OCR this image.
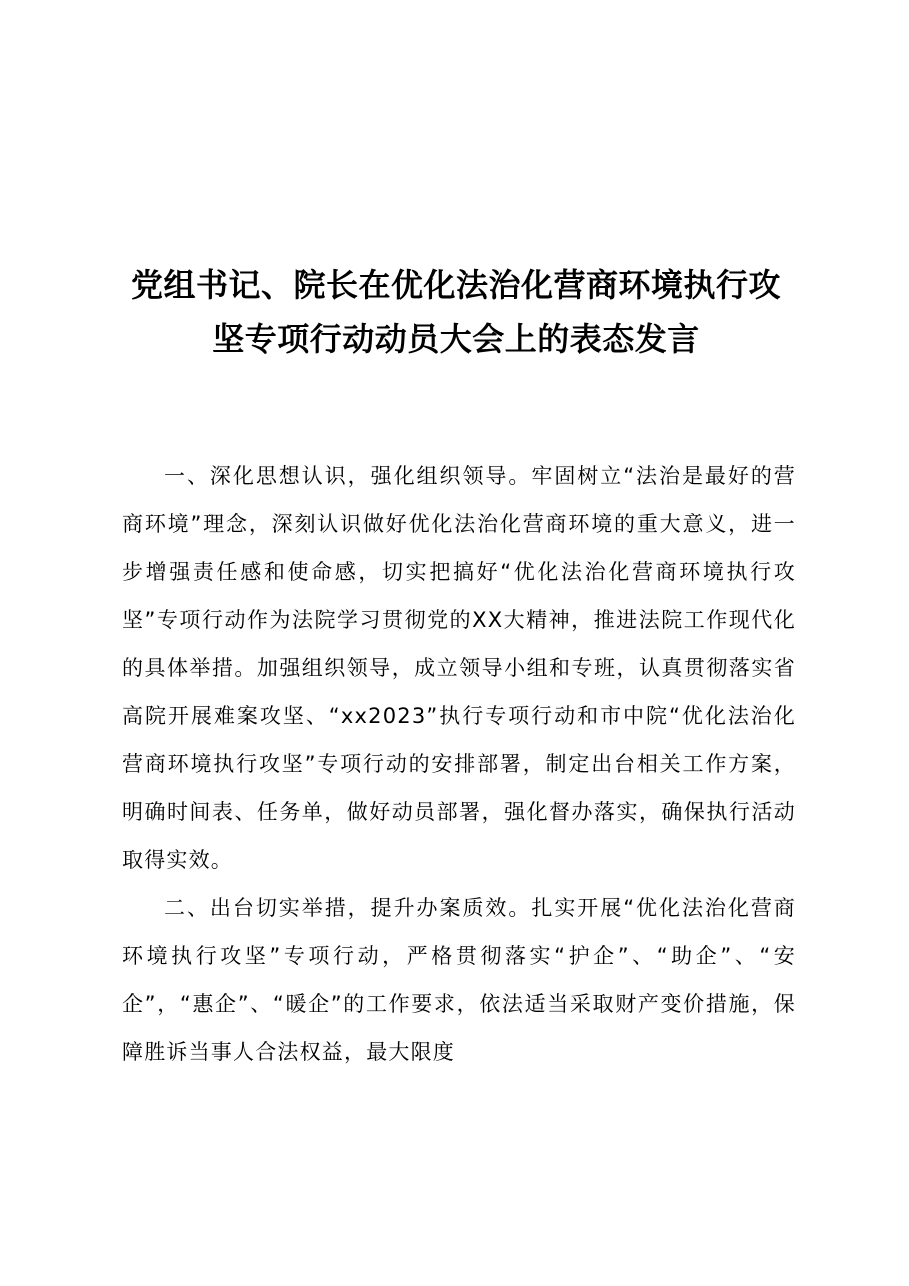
党组书记、院长在优化法治化营商环境执行攻
坚专项行动动员大会上的表态发言

一、深化思想认识，强化组织领导。牢固树立“法治是最好的营商环境”理念，深刻认识做好优化法治化营商环境的重大意义，进一步增强责任感和使命感，切实把搞好“优化法治化营商环境执行攻坚”专项行动作为法院学习贯彻党的XX大精神，推进法院工作现代化的具体举措。加强组织领导，成立领导小组和专班，认真贯彻落实省高院开展难案攻坚、“xx2023”执行专项行动和市中院“优化法治化营商环境执行攻坚”专项行动的安排部署，制定出台相关工作方案，明确时间表、任务单，做好动员部署，强化督办落实，确保执行活动取得实效。

二、出台切实举措，提升办案质效。扎实开展“优化法治化营商环境执行攻坚”专项行动，严格贯彻落实“护企”、“助企”、“安企”，“惠企”、“暖企”的工作要求，依法适当采取财产变价措施，保障胜诉当事人合法权益，最大限度
